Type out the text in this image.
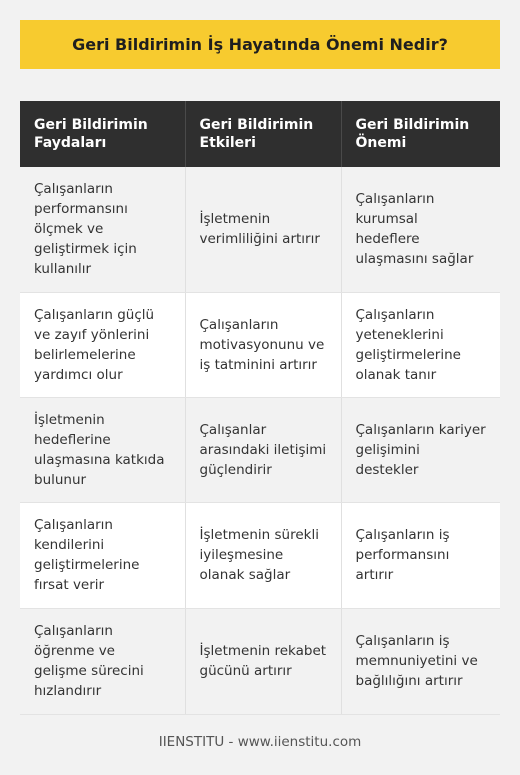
Geri Bildirimin İş Hayatında Önemi Nedir?
Geri Bildirimin Faydaları	Geri Bildirimin Etkileri	Geri Bildirimin Önemi
Çalışanların performansını ölçmek ve geliştirmek için kullanılır	İşletmenin verimliliğini artırır	Çalışanların kurumsal hedeflere ulaşmasını sağlar
Çalışanların güçlü ve zayıf yönlerini belirlemelerine yardımcı olur	Çalışanların motivasyonunu ve iş tatminini artırır	Çalışanların yeteneklerini geliştirmelerine olanak tanır
İşletmenin hedeflerine ulaşmasına katkıda bulunur	Çalışanlar arasındaki iletişimi güçlendirir	Çalışanların kariyer gelişimini destekler
Çalışanların kendilerini geliştirmelerine fırsat verir	İşletmenin sürekli iyileşmesine olanak sağlar	Çalışanların iş performansını artırır
Çalışanların öğrenme ve gelişme sürecini hızlandırır	İşletmenin rekabet gücünü artırır	Çalışanların iş memnuniyetini ve bağlılığını artırır
IIENSTITU - www.iienstitu.com
